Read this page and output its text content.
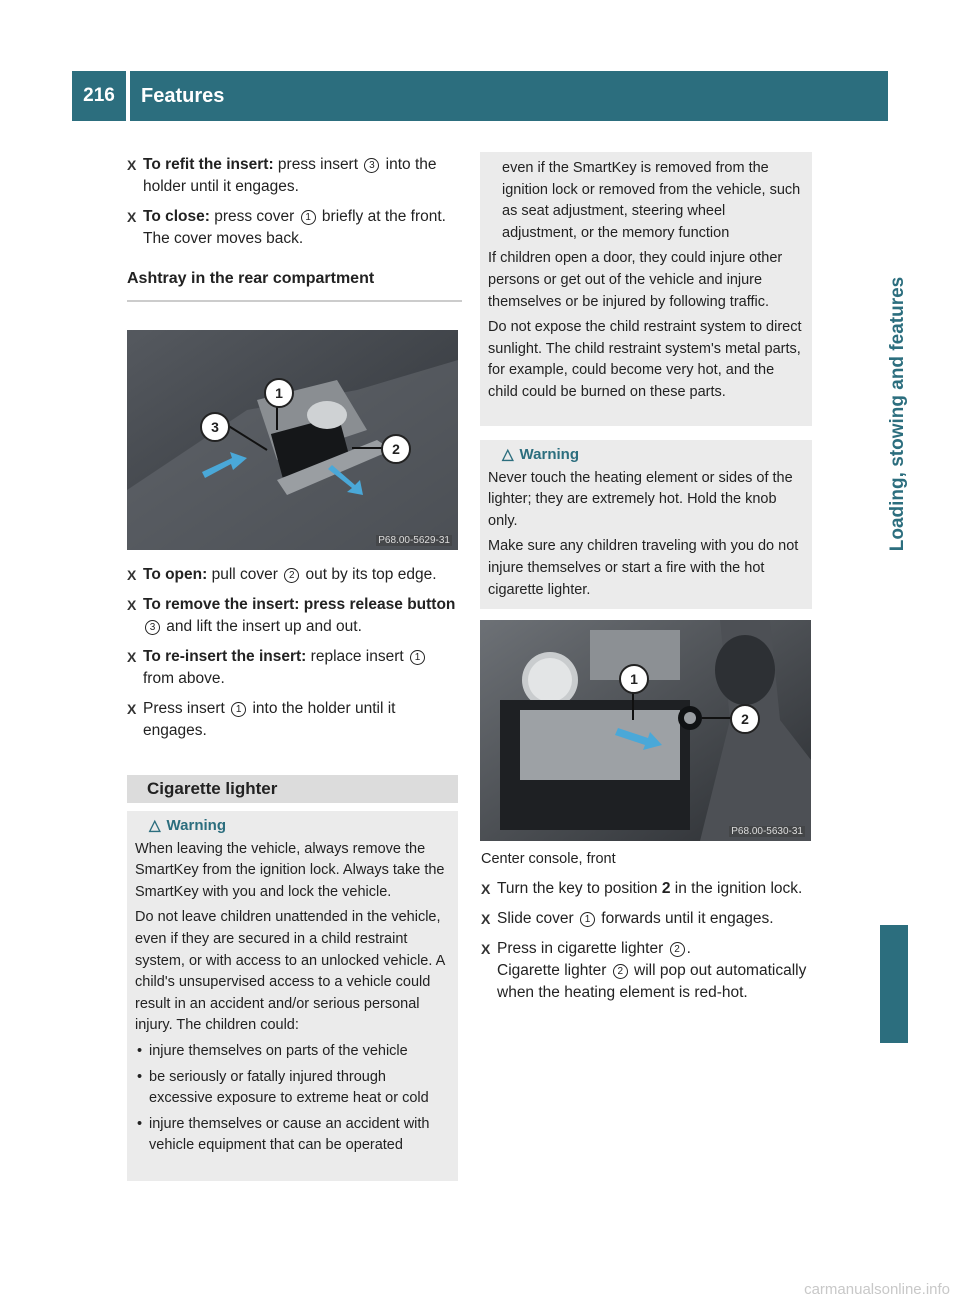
216	Features
Loading, stowing and features
X To refit the insert: press insert 3 into the holder until it engages.
X To close: press cover 1 briefly at the front.
The cover moves back.
Ashtray in the rear compartment
1
2
3
P68.00-5629-31
X To open: pull cover 2 out by its top edge.
X To remove the insert: press release button 3 and lift the insert up and out.
X To re-insert the insert: replace insert 1 from above.
X Press insert 1 into the holder until it engages.
Cigarette lighter
△ Warning

When leaving the vehicle, always remove the SmartKey from the ignition lock. Always take the SmartKey with you and lock the vehicle.

Do not leave children unattended in the vehicle, even if they are secured in a child restraint system, or with access to an unlocked vehicle. A child's unsupervised access to a vehicle could result in an accident and/or serious personal injury. The children could:

• injure themselves on parts of the vehicle
• be seriously or fatally injured through excessive exposure to extreme heat or cold
• injure themselves or cause an accident with vehicle equipment that can be operated

even if the SmartKey is removed from the ignition lock or removed from the vehicle, such as seat adjustment, steering wheel adjustment, or the memory function

If children open a door, they could injure other persons or get out of the vehicle and injure themselves or be injured by following traffic.

Do not expose the child restraint system to direct sunlight. The child restraint system's metal parts, for example, could become very hot, and the child could be burned on these parts.

△ Warning

Never touch the heating element or sides of the lighter; they are extremely hot. Hold the knob only.

Make sure any children traveling with you do not injure themselves or start a fire with the hot cigarette lighter.

1
2
P68.00-5630-31
Center console, front
X Turn the key to position 2 in the ignition lock.
X Slide cover 1 forwards until it engages.
X Press in cigarette lighter 2 .
Cigarette lighter 2 will pop out automatically when the heating element is red-hot.
carmanualsonline.info
